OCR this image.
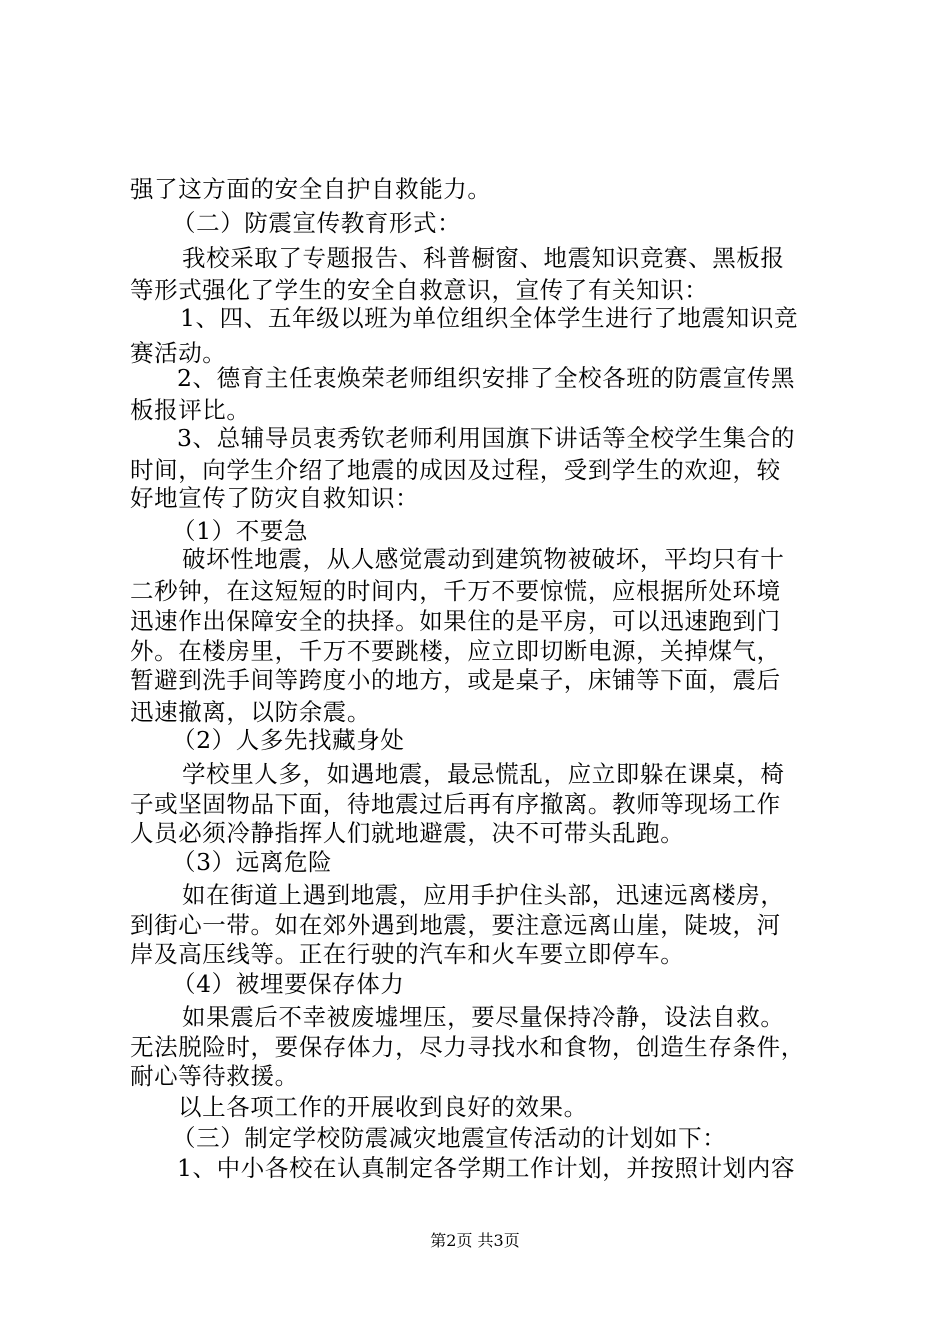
强了这方面的安全自护自救能力。
（二）防震宣传教育形式：
我校采取了专题报告、科普橱窗、地震知识竞赛、黑板报
等形式强化了学生的安全自救意识，宣传了有关知识：
1、四、五年级以班为单位组织全体学生进行了地震知识竞
赛活动。
2、德育主任衷焕荣老师组织安排了全校各班的防震宣传黑
板报评比。
3、总辅导员衷秀钦老师利用国旗下讲话等全校学生集合的
时间，向学生介绍了地震的成因及过程，受到学生的欢迎，较
好地宣传了防灾自救知识：
（1）不要急
破坏性地震，从人感觉震动到建筑物被破坏，平均只有十
二秒钟，在这短短的时间内，千万不要惊慌，应根据所处环境
迅速作出保障安全的抉择。如果住的是平房，可以迅速跑到门
外。在楼房里，千万不要跳楼，应立即切断电源，关掉煤气，
暂避到洗手间等跨度小的地方，或是桌子，床铺等下面，震后
迅速撤离，以防余震。
（2）人多先找藏身处
学校里人多，如遇地震，最忌慌乱，应立即躲在课桌，椅
子或坚固物品下面，待地震过后再有序撤离。教师等现场工作
人员必须冷静指挥人们就地避震，决不可带头乱跑。
（3）远离危险
如在街道上遇到地震，应用手护住头部，迅速远离楼房，
到街心一带。如在郊外遇到地震，要注意远离山崖，陡坡，河
岸及高压线等。正在行驶的汽车和火车要立即停车。
（4）被埋要保存体力
如果震后不幸被废墟埋压，要尽量保持冷静，设法自救。
无法脱险时，要保存体力，尽力寻找水和食物，创造生存条件，
耐心等待救援。
以上各项工作的开展收到良好的效果。
（三）制定学校防震减灾地震宣传活动的计划如下：
1、中小各校在认真制定各学期工作计划，并按照计划内容
第2页 共3页
